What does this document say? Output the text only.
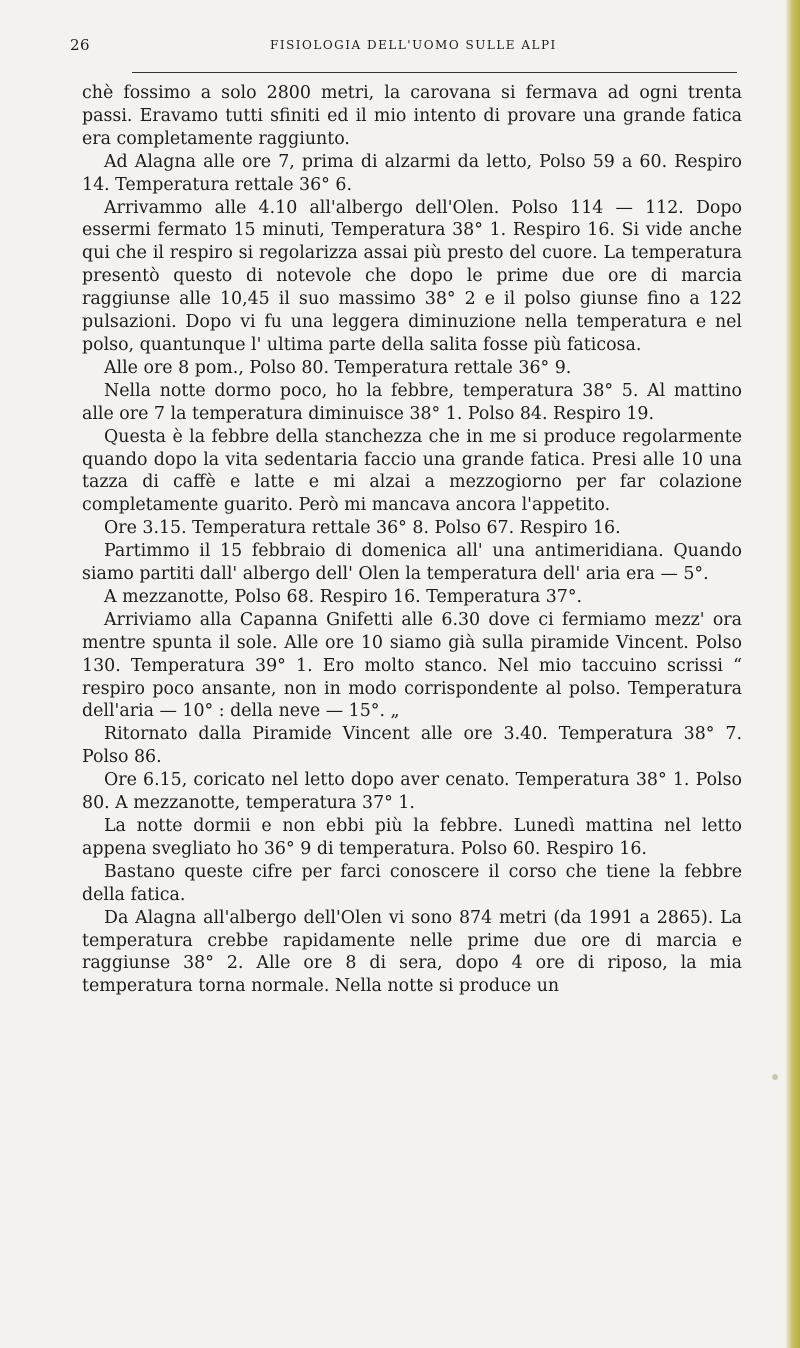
26	FISIOLOGIA DELL'UOMO SULLE ALPI

chè fossimo a solo 2800 metri, la carovana si fermava ad ogni trenta passi. Eravamo tutti sfiniti ed il mio intento di provare una grande fatica era completamente raggiunto.

Ad Alagna alle ore 7, prima di alzarmi da letto, Polso 59 a 60. Respiro 14. Temperatura rettale 36° 6.

Arrivammo alle 4.10 all'albergo dell'Olen. Polso 114 — 112. Dopo essermi fermato 15 minuti, Temperatura 38° 1. Respiro 16. Si vide anche qui che il respiro si regolarizza assai più presto del cuore. La temperatura presentò questo di notevole che dopo le prime due ore di marcia raggiunse alle 10,45 il suo massimo 38° 2 e il polso giunse fino a 122 pulsazioni. Dopo vi fu una leggera diminuzione nella temperatura e nel polso, quantunque l' ultima parte della salita fosse più faticosa.

Alle ore 8 pom., Polso 80. Temperatura rettale 36° 9.

Nella notte dormo poco, ho la febbre, temperatura 38° 5. Al mattino alle ore 7 la temperatura diminuisce 38° 1. Polso 84. Respiro 19.

Questa è la febbre della stanchezza che in me si produce regolarmente quando dopo la vita sedentaria faccio una grande fatica. Presi alle 10 una tazza di caffè e latte e mi alzai a mezzogiorno per far colazione completamente guarito. Però mi mancava ancora l'appetito.

Ore 3.15. Temperatura rettale 36° 8. Polso 67. Respiro 16.

Partimmo il 15 febbraio di domenica all' una antimeridiana. Quando siamo partiti dall' albergo dell' Olen la temperatura dell' aria era — 5°.

A mezzanotte, Polso 68. Respiro 16. Temperatura 37°.

Arriviamo alla Capanna Gnifetti alle 6.30 dove ci fermiamo mezz' ora mentre spunta il sole. Alle ore 10 siamo già sulla piramide Vincent. Polso 130. Temperatura 39° 1. Ero molto stanco. Nel mio taccuino scrissi “ respiro poco ansante, non in modo corrispondente al polso. Temperatura dell'aria — 10° : della neve — 15°. „

Ritornato dalla Piramide Vincent alle ore 3.40. Temperatura 38° 7. Polso 86.

Ore 6.15, coricato nel letto dopo aver cenato. Temperatura 38° 1. Polso 80. A mezzanotte, temperatura 37° 1.

La notte dormii e non ebbi più la febbre. Lunedì mattina nel letto appena svegliato ho 36° 9 di temperatura. Polso 60. Respiro 16.

Bastano queste cifre per farci conoscere il corso che tiene la febbre della fatica.

Da Alagna all'albergo dell'Olen vi sono 874 metri (da 1991 a 2865). La temperatura crebbe rapidamente nelle prime due ore di marcia e raggiunse 38° 2. Alle ore 8 di sera, dopo 4 ore di riposo, la mia temperatura torna normale. Nella notte si produce un
